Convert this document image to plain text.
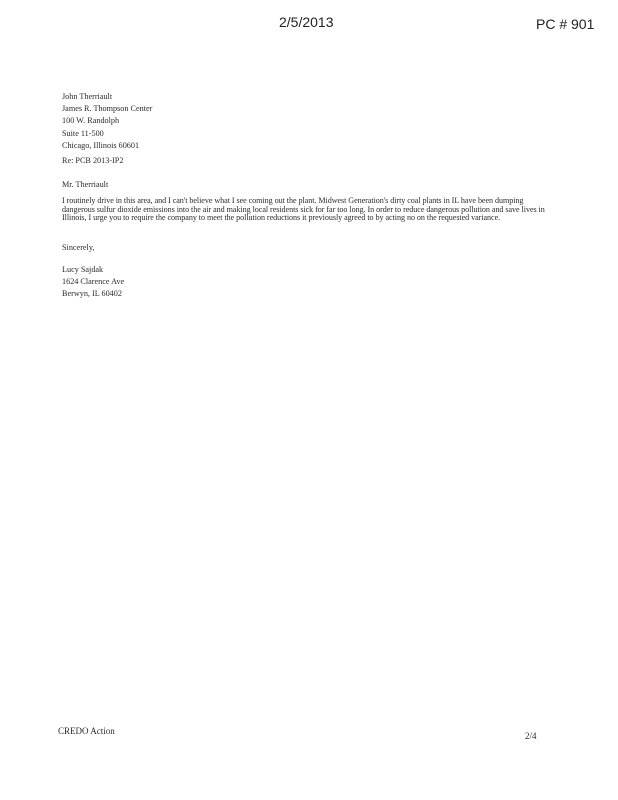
2/5/2013	PC # 901
John Therriault
James R. Thompson Center
100 W. Randolph
Suite 11-500
Chicago, Illinois 60601
Re: PCB 2013-IP2
Mr. Therriault
I routinely drive in this area, and I can't believe what I see coming out the plant. Midwest Generation's dirty coal plants in IL have been dumping dangerous sulfur dioxide emissions into the air and making local residents sick for far too long. In order to reduce dangerous pollution and save lives in Illinois, I urge you to require the company to meet the pollution reductions it previously agreed to by acting no on the requested variance.
Sincerely,
Lucy Sajdak
1624 Clarence Ave
Berwyn, IL 60402
CREDO Action	2/4
